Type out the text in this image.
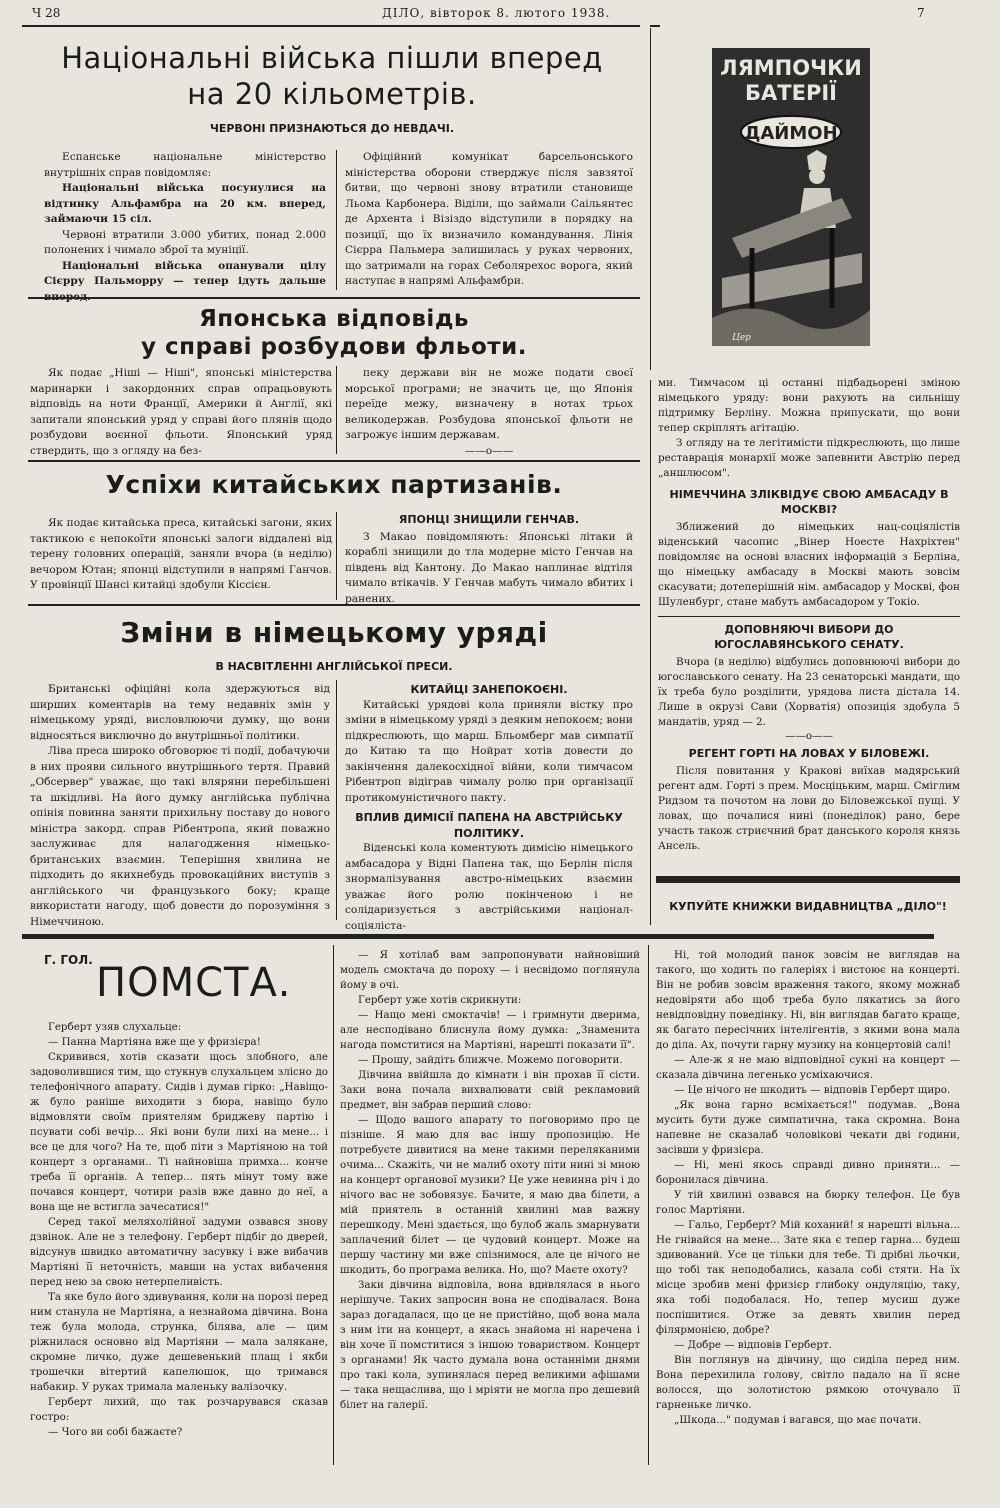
Ч 28	ДІЛО, вівторок 8. лютого 1938.	7
Національні війська пішли вперед
на 20 кільометрів.

ЧЕРВОНІ ПРИЗНАЮТЬСЯ ДО НЕВДАЧІ.

Еспанське національне міністерство внутрішніх справ повідомляє:

Національні війська посунулися на відтинку Альфамбра на 20 км. вперед, займаючи 15 сіл.

Червоні втратили 3.000 убитих, понад 2.000 полонених і чимало зброї та муніції.

Національні війська опанували цілу Сієрру Пальморру — тепер ідуть дальше

Офіційний комунікат барсельонського міністерства оборони стверджує після завзятої битви, що червоні знову втратили становище Льома Карбонера. Віділи, що займали Саільянтес де Архента і Візіздо відступили в порядку на позиції, що їх визначило командування. Лінія Сієрра Пальмера залишилась у руках червоних, що затримали на горах Себолярехос ворога, який наступає в напрямі Альфамбри.

ЛЯМПОЧКИ
БАТЕРІЇ
ДАЙМОН
Цер
Японська відповідь
у справі розбудови фльоти.

Як подає „Ніші — Ніші", японські міністерства маринарки і закордонних справ опрацьовують відповідь на ноти Франції, Америки й Англії, які запитали японський уряд у справі його плянів щодо розбудови воєнної фльоти. Японський уряд ствердить, що з огляду на без-

пеку держави він не може подати своєї морської програми; не значить це, що Японія переїде межу, визначену в нотах трьох великодержав. Розбудова японської фльоти не загрожує іншим державам.

——о——
Успіхи китайських партизанів.

Як подає китайська преса, китайські загони, яких тактикою є непокоїти японські залоги віддалені від терену головних операцій, заняли вчора (в неділю) вечором Ютан; японці відступили в напрямі Ганчов. У провінції Шансі китайці здобули Кіссієн.

ЯПОНЦІ ЗНИЩИЛИ ГЕНЧАВ.

З Макао повідомляють: Японські літаки й кораблі знищили до тла модерне місто Генчав на південь від Кантону. До Макао наплинає відтіля чимало втікачів. У Генчав мабуть чимало вбитих і ранених.

Зміни в німецькому уряді

В НАСВІТЛЕННІ АНГЛІЙСЬКОЇ ПРЕСИ.

Британські офіційні кола здержуються від ширших коментарів на тему недавніх змін у німецькому уряді, висловлюючи думку, що вони відносяться виключно до внутрішньої політики.

Ліва преса широко обговорює ті події, добачуючи в них прояви сильного внутрішнього тертя. Правий „Обсервер" уважає, що такі вляряни перебільшені та шкідливі. На його думку англійська публічна опінія повинна заняти прихильну поставу до нового міністра закорд. справ Рібентропа, який поважно заслуживає для налагодження німецько-британських взаємин. Теперішня хвилина не підходить до якихнебудь провокаційних виступів з англійського чи французького боку; краще використати нагоду, щоб довести до порозуміння з Німеччиною.

КИТАЙЦІ ЗАНЕПОКОЄНІ.

Китайські урядові кола приняли вістку про зміни в німецькому уряді з деяким непокоєм; вони підкреслюють, що марш. Бльомберг мав симпатії до Китаю та що Нойрат хотів довести до закінчення далекосхідної війни, коли тимчасом Рібентроп відіграв чималу ролю при організації протикомуністичного пакту.

ВПЛИВ ДИМІСІЇ ПАПЕНА НА АВСТРІЙСЬКУ ПОЛІТИКУ.

Віденські кола коментують димісію німецького амбасадора у Відні Папена так, що Берлін після знормалізування австро-німецьких взаємин уважає його ролю покінченою і не солідаризується з австрійськими націонал-соціяліста-

ми. Тимчасом ці останні підбадьорені зміною німецького уряду: вони рахують на сильнішу підтримку Берліну. Можна припускати, що вони тепер скріплять агітацію.

З огляду на те легітимісти підкреслюють, що лише реставрація монархії може запевнити Австрію перед „аншлюсом".

НІМЕЧЧИНА ЗЛІКВІДУЄ СВОЮ АМБАСАДУ В МОСКВІ?

Зближений до німецьких нац-соціялістів віденський часопис „Вінер Ноесте Нахріхтен" повідомляє на основі власних інформацій з Берліна, що німецьку амбасаду в Москві мають зовсім скасувати; дотеперішній нім. амбасадор у Москві, фон Шуленбург, стане мабуть амбасадором у Токіо.

ДОПОВНЯЮЧІ ВИБОРИ ДО ЮГОСЛАВЯНСЬКОГО СЕНАТУ.

Вчора (в неділю) відбулись доповнюючі вибори до югославського сенату. На 23 сенаторські мандати, що їх треба було розділити, урядова листа дістала 14. Лише в окрузі Сави (Хорватія) опозиція здобула 5 мандатів, уряд — 2.

——о——

РЕГЕНТ ГОРТІ НА ЛОВАХ У БІЛОВЕЖІ.

Після повитання у Кракові виїхав мадярський регент адм. Горті з прем. Мосціцьким, марш. Сміглим Ридзом та почотом на лови до Біловежської пущі. У ловах, що почалися нині (понеділок) рано, бере участь також стриєчний брат данського короля князь Ансель.

КУПУЙТЕ КНИЖКИ ВИДАВНИЦТВА „ДІЛО"!

Г. ГОЛ. ПОМСТА.

Герберт узяв слухальце:

— Панна Мартіяна вже ще у фризієра!

Скривився, хотів сказати щось злобного, але задоволившися тим, що стукнув слухальцем злісно до телефонічного апарату. Сидів і думав гірко: „Навіщо-ж було раніше виходити з бюра, навіщо було відмовляти своїм приятелям бриджеву партію і псувати собі вечір... Які вони були лихі на мене... і все це для чого? На те, щоб піти з Мартіяною на той концерт з органами.. Ті найновіша примха... конче треба її органів. А тепер... пять мінут тому вже почався концерт, чотири разів вже давно до неї, а вона ще не встигла зачесатися!"

Серед такої меляхолійної задуми озвався знову дзвінок. Але не з телефону. Герберт підбіг до дверей, відсунув швидко автоматичну засувку і вже вибачив Мартіяні її неточність, мавши на устах вибачення перед нею за свою нетерпеливість.

Та яке було його здивування, коли на порозі перед ним станула не Мартіяна, а незнайома дівчина. Вона теж була молода, струнка, білява, але — цим ріжнилася основно від Мартіяни — мала залякане, скромне личко, дуже дешевенький плащ і якби трошечки вітертий капелюшок, що тримався набакир. У руках тримала маленьку валізочку.

Герберт лихий, що так розчарувався сказав гостро:

— Чого ви собі бажаєте?

— Я хотілаб вам запропонувати найновіший модель смоктача до пороху — і несвідомо поглянула йому в очі.

Герберт уже хотів скрикнути:

— Нащо мені смоктачів! — і гримнути дверима, але несподівано блиснула йому думка: „Знаменита нагода помститися на Мартіяні, нарешті показати її".

— Прошу, зайдіть ближче. Можемо поговорити.

Дівчина ввійшла до кімнати і він прохав її сісти. Заки вона почала вихвалювати свій рекламовий предмет, він забрав перший слово:

— Щодо вашого апарату то поговоримо про це пізніше. Я маю для вас іншу пропозицію. Не потребуєте дивитися на мене такими переляканими очима... Скажіть, чи не малиб охоту піти нині зі мною на концерт органової музики? Це уже невинна річ і до нічого вас не зобовязує. Бачите, я маю два білети, а мій приятель в останній хвилині мав важну перешкоду. Мені здається, що булоб жаль змарнувати заплачений білет — це чудовий концерт. Може на першу частину ми вже спізнимося, але це нічого не шкодить, бо програма велика. Но, що? Маєте охоту?

Заки дівчина відповіла, вона вдивлялася в нього нерішуче. Таких запросин вона не сподівалася. Вона зараз догадалася, що це не пристійно, щоб вона мала з ним іти на концерт, а якась знайома ні наречена і він хоче її помститися з іншою товариством. Концерт з органами! Як часто думала вона останніми днями про такі кола, зупинялася перед великими афішами — така нещаслива, що і мріяти не могла про дешевий білет на галерії.

Ні, той молодий панок зовсім не виглядав на такого, що ходить по галеріях і вистоює на концерті. Він не робив зовсім враження такого, якому можнаб недовіряти або щоб треба було лякатись за його невідповідну поведінку. Ні, він виглядав багато краще, як багато пересічних інтелігентів, з якими вона мала до діла. Ах, почути гарну музику на концертовій салі!

— Але-ж я не маю відповідної сукні на концерт — сказала дівчина легенько усміхаючися.

— Це нічого не шкодить — відповів Герберт щиро.

„Як вона гарно всміхається!" подумав. „Вона мусить бути дуже симпатична, така скромна. Вона напевне не сказалаб чоловікові чекати дві години, засівши у фризієра.

— Ні, мені якось справді дивно приняти... — боронилася дівчина.

У тій хвилині озвався на бюрку телефон. Це був голос Мартіяни.

— Гальо, Герберт? Мій коханий! я нарешті вільна... Не гнівайся на мене... Зате яка є тепер гарна... будеш здивований. Усе це тільки для тебе. Ті дрібні льочки, що тобі так неподобались, казала собі стяти. На їх місце зробив мені фризієр глибоку ондуляцію, таку, яка тобі подобалася. Но, тепер мусиш дуже поспішитися. Отже за девять хвилин перед філярмонією, добре?

— Добре — відповів Герберт.

Він поглянув на дівчину, що сиділа перед ним. Вона перехилила голову, світло падало на її ясне волосся, що золотистою рямкою оточувало її гарненьке личко.

„Шкода..." подумав і вагався, що має почати.
